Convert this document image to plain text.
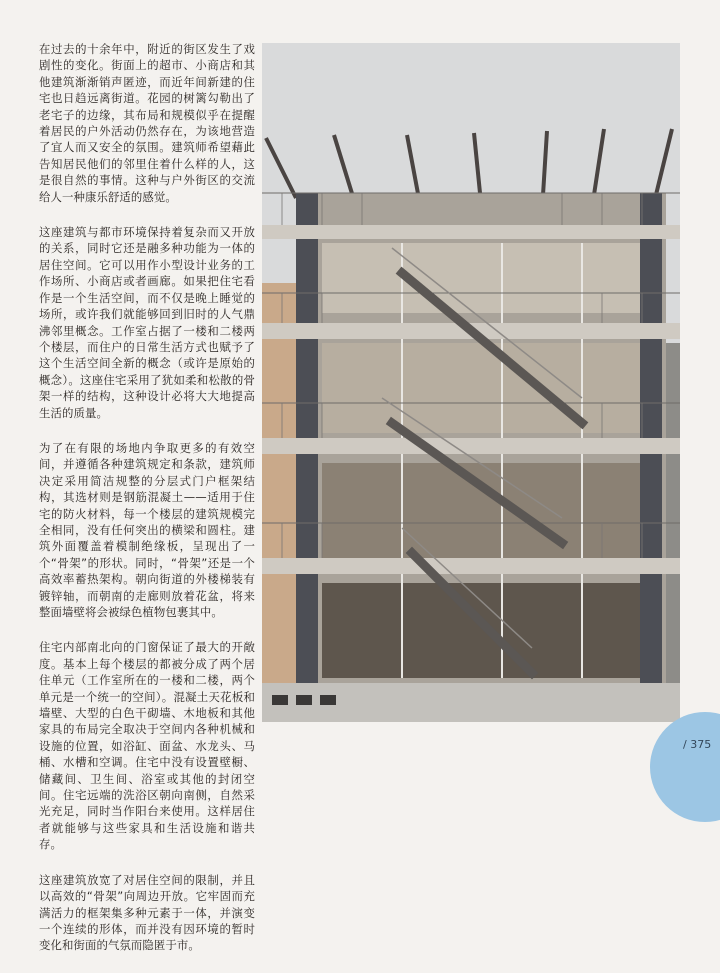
在过去的十余年中，附近的街区发生了戏剧性的变化。街面上的超市、小商店和其他建筑渐渐销声匿迹，而近年间新建的住宅也日趋远离街道。花园的树篱勾勒出了老宅子的边缘，其布局和规模似乎在提醒着居民的户外活动仍然存在，为该地营造了宜人而又安全的氛围。建筑师希望藉此告知居民他们的邻里住着什么样的人，这是很自然的事情。这种与户外街区的交流给人一种康乐舒适的感觉。

这座建筑与都市环境保持着复杂而又开放的关系，同时它还是融多种功能为一体的居住空间。它可以用作小型设计业务的工作场所、小商店或者画廊。如果把住宅看作是一个生活空间，而不仅是晚上睡觉的场所，或许我们就能够回到旧时的人气鼎沸邻里概念。工作室占据了一楼和二楼两个楼层，而住户的日常生活方式也赋予了这个生活空间全新的概念（或许是原始的概念）。这座住宅采用了犹如柔和松散的骨架一样的结构，这种设计必将大大地提高生活的质量。

为了在有限的场地内争取更多的有效空间，并遵循各种建筑规定和条款，建筑师决定采用简洁规整的分层式门户框架结构，其选材则是钢筋混凝土——适用于住宅的防火材料，每一个楼层的建筑规模完全相同，没有任何突出的横梁和圆柱。建筑外面覆盖着模制绝缘板，呈现出了一个“骨架”的形状。同时，“骨架”还是一个高效率蓄热架构。朝向街道的外楼梯装有镀锌轴，而朝南的走廊则放着花盆，将来整面墙壁将会被绿色植物包裹其中。

住宅内部南北向的门窗保证了最大的开敞度。基本上每个楼层的都被分成了两个居住单元（工作室所在的一楼和二楼，两个单元是一个统一的空间）。混凝土天花板和墙壁、大型的白色干砌墙、木地板和其他家具的布局完全取决于空间内各种机械和设施的位置，如浴缸、面盆、水龙头、马桶、水槽和空调。住宅中没有设置壁橱、储藏间、卫生间、浴室或其他的封闭空间。住宅远端的洗浴区朝向南侧，自然采光充足，同时当作阳台来使用。这样居住者就能够与这些家具和生活设施和谐共存。

这座建筑放宽了对居住空间的限制，并且以高效的“骨架”向周边开放。它牢固而充满活力的框架集多种元素于一体，并演变一个连续的形体，而并没有因环境的暂时变化和街面的气氛而隐匿于市。

/ 375
